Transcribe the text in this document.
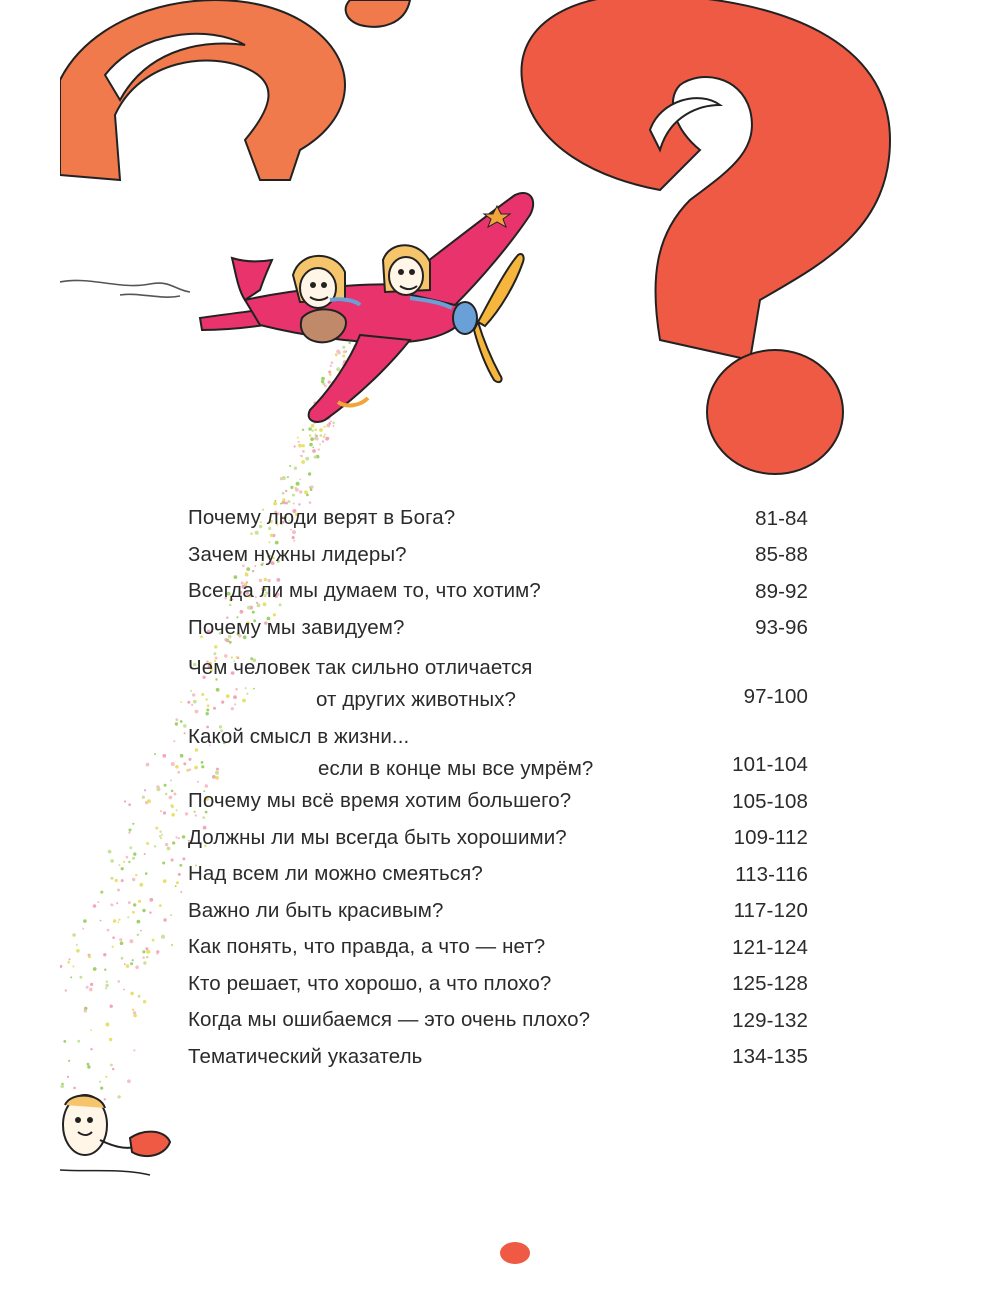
Почему люди верят в Бога?	81-84
Зачем нужны лидеры?	85-88
Всегда ли мы думаем то, что хотим?	89-92
Почему мы завидуем?	93-96
Чем человек так сильно отличается
от других животных?	97-100
Какой смысл в жизни...
если в конце мы все умрём?	101-104
Почему мы всё время хотим большего?	105-108
Должны ли мы всегда быть хорошими?	109-112
Над всем ли можно смеяться?	113-116
Важно ли быть красивым?	117-120
Как понять, что правда, а что — нет?	121-124
Кто решает, что хорошо, а что плохо?	125-128
Когда мы ошибаемся — это очень плохо?	129-132
Тематический указатель	134-135
